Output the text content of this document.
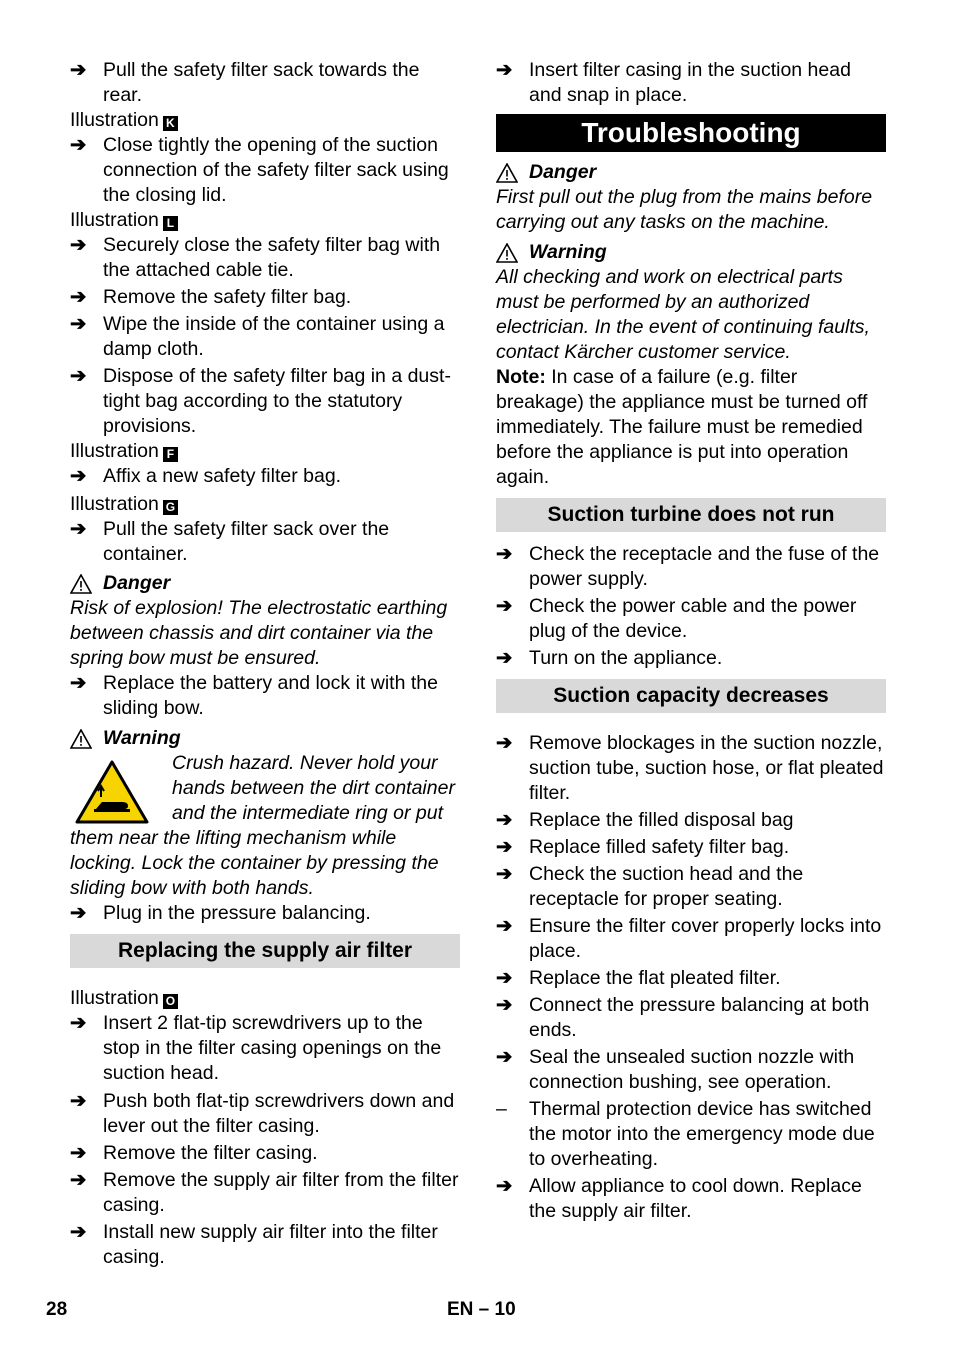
➔ Pull the safety filter sack towards the rear.
Illustration K
➔ Close tightly the opening of the suction connection of the safety filter sack using the closing lid.
Illustration L
➔ Securely close the safety filter bag with the attached cable tie.
➔ Remove the safety filter bag.
➔ Wipe the inside of the container using a damp cloth.
➔ Dispose of the safety filter bag in a dust-tight bag according to the statutory provisions.
Illustration F
➔ Affix a new safety filter bag.
Illustration G
➔ Pull the safety filter sack over the container.
Danger
Risk of explosion! The electrostatic earthing between chassis and dirt container via the spring bow must be ensured.
➔ Replace the battery and lock it with the sliding bow.
Warning

Crush hazard. Never hold your hands between the dirt container and the intermediate ring or put them near the lifting mechanism while locking. Lock the container by pressing the sliding bow with both hands.

➔ Plug in the pressure balancing.
Replacing the supply air filter
Illustration O
➔ Insert 2 flat-tip screwdrivers up to the stop in the filter casing openings on the suction head.
➔ Push both flat-tip screwdrivers down and lever out the filter casing.
➔ Remove the filter casing.
➔ Remove the supply air filter from the filter casing.
➔ Install new supply air filter into the filter casing.
➔ Insert filter casing in the suction head and snap in place.
Troubleshooting
Danger
First pull out the plug from the mains before carrying out any tasks on the machine.
Warning
All checking and work on electrical parts must be performed by an authorized electrician. In the event of continuing faults, contact Kärcher customer service.
Note: In case of a failure (e.g. filter breakage) the appliance must be turned off immediately. The failure must be remedied before the appliance is put into operation again.
Suction turbine does not run
➔ Check the receptacle and the fuse of the power supply.
➔ Check the power cable and the power plug of the device.
➔ Turn on the appliance.
Suction capacity decreases
➔ Remove blockages in the suction nozzle, suction tube, suction hose, or flat pleated filter.
➔ Replace the filled disposal bag
➔ Replace filled safety filter bag.
➔ Check the suction head and the receptacle for proper seating.
➔ Ensure the filter cover properly locks into place.
➔ Replace the flat pleated filter.
➔ Connect the pressure balancing at both ends.
➔ Seal the unsealed suction nozzle with connection bushing, see operation.
– Thermal protection device has switched the motor into the emergency mode due to overheating.
➔ Allow appliance to cool down. Replace the supply air filter.
28	EN – 10
